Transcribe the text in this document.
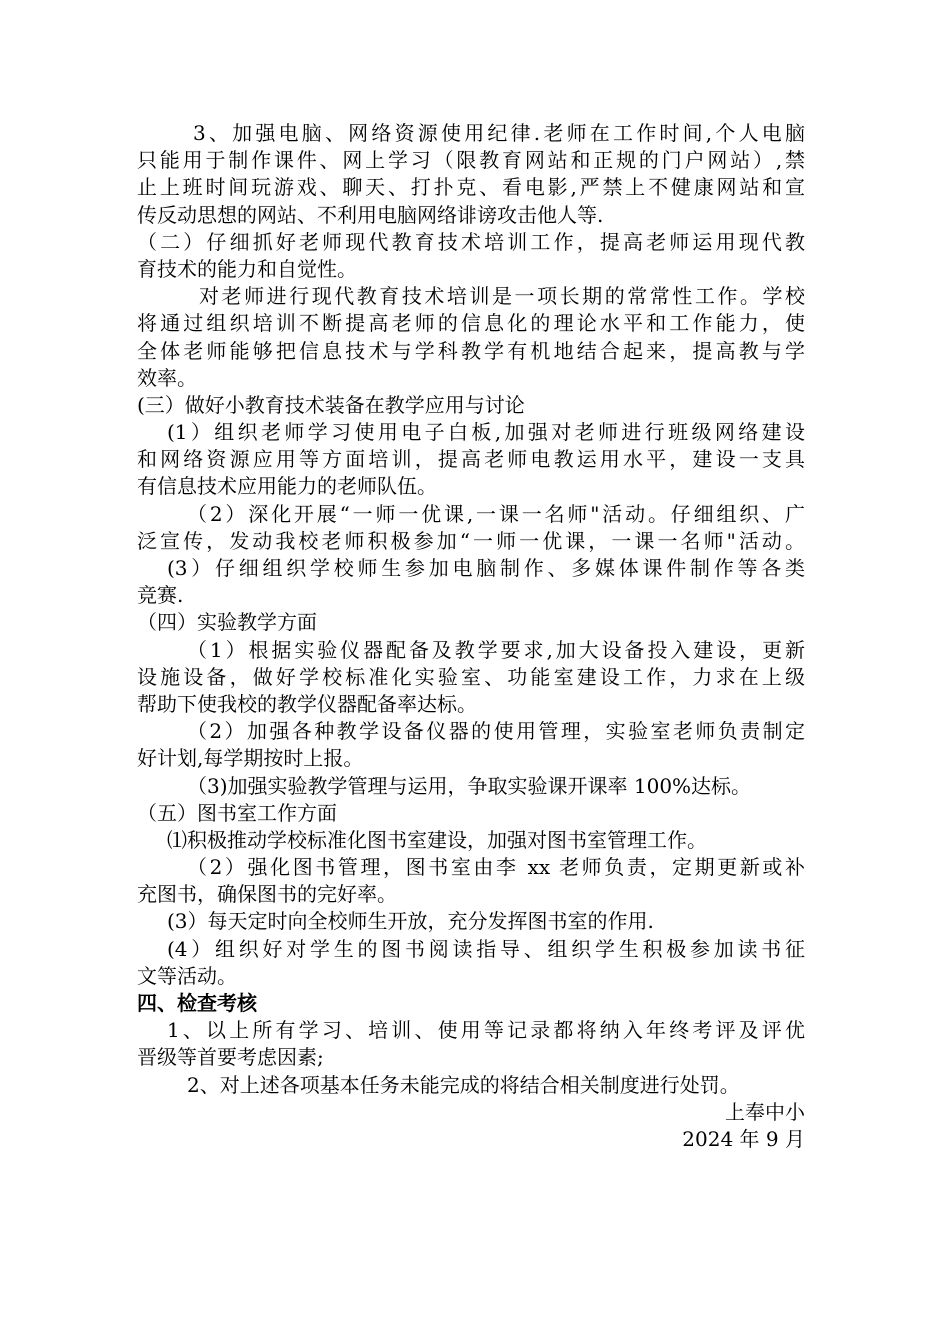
3、加强电脑、网络资源使用纪律.老师在工作时间,个人电脑
只能用于制作课件、网上学习（限教育网站和正规的门户网站）,禁
止上班时间玩游戏、聊天、打扑克、看电影,严禁上不健康网站和宣
传反动思想的网站、不利用电脑网络诽谤攻击他人等.
（二）仔细抓好老师现代教育技术培训工作，提高老师运用现代教
育技术的能力和自觉性。
对老师进行现代教育技术培训是一项长期的常常性工作。学校
将通过组织培训不断提高老师的信息化的理论水平和工作能力，使
全体老师能够把信息技术与学科教学有机地结合起来，提高教与学
效率。
(三）做好小教育技术装备在教学应用与讨论
(1）组织老师学习使用电子白板,加强对老师进行班级网络建设
和网络资源应用等方面培训，提高老师电教运用水平，建设一支具
有信息技术应用能力的老师队伍。
（2）深化开展“一师一优课,一课一名师"活动。仔细组织、广
泛宣传，发动我校老师积极参加“一师一优课，一课一名师"活动。
(3）仔细组织学校师生参加电脑制作、多媒体课件制作等各类
竞赛.
（四）实验教学方面
（1）根据实验仪器配备及教学要求,加大设备投入建设，更新
设施设备，做好学校标准化实验室、功能室建设工作，力求在上级
帮助下使我校的教学仪器配备率达标。
（2）加强各种教学设备仪器的使用管理，实验室老师负责制定
好计划,每学期按时上报。
（3)加强实验教学管理与运用，争取实验课开课率 100%达标。
（五）图书室工作方面
⑴积极推动学校标准化图书室建设，加强对图书室管理工作。
（2）强化图书管理，图书室由李 xx 老师负责，定期更新或补
充图书，确保图书的完好率。
(3）每天定时向全校师生开放，充分发挥图书室的作用.
(4）组织好对学生的图书阅读指导、组织学生积极参加读书征
文等活动。
四、检查考核
1、以上所有学习、培训、使用等记录都将纳入年终考评及评优
晋级等首要考虑因素;
2、对上述各项基本任务未能完成的将结合相关制度进行处罚。
上奉中小
2024 年 9 月
